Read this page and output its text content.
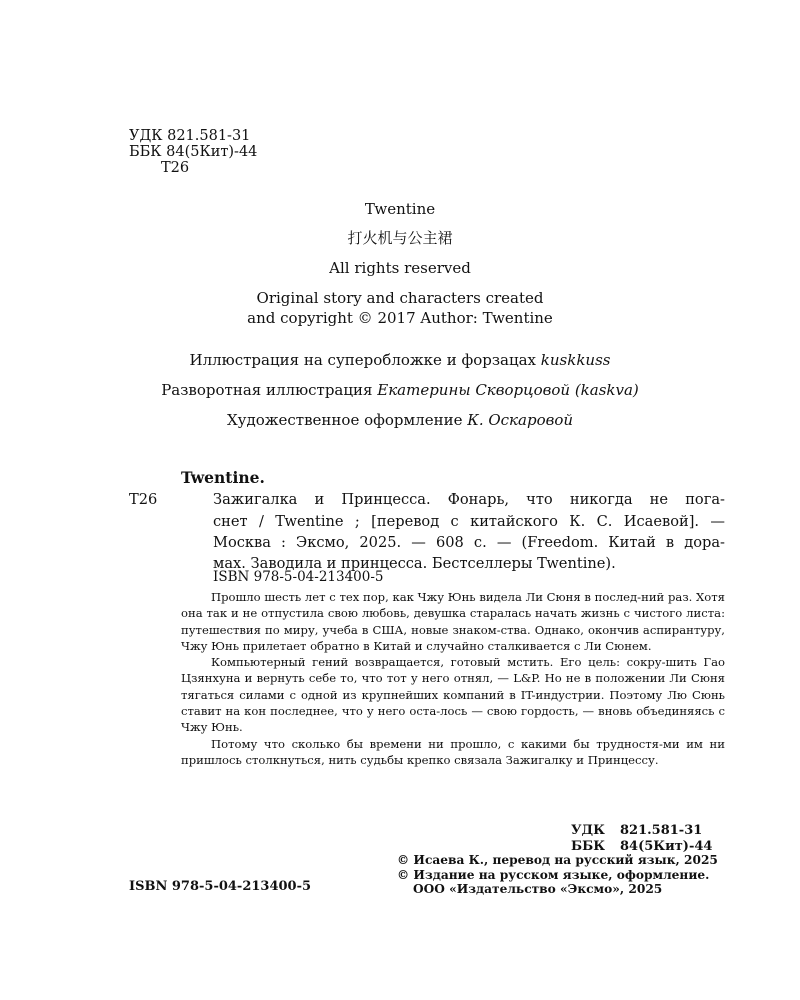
УДК 821.581-31
ББК 84(5Кит)-44
Т26
Twentine
打火机与公主裙
All rights reserved
Original story and characters created
and copyright © 2017 Author: Twentine
Иллюстрация на суперобложке и форзацах kuskkuss
Разворотная иллюстрация Екатерины Скворцовой (kaskva)
Художественное оформление К. Оскаровой
Twentine.
Т26	Зажигалка и Принцесса. Фонарь, что никогда не пога-
снет / Twentine ; [перевод с китайского К. С. Исаевой]. —
Москва : Эксмо, 2025. — 608 с. — (Freedom. Китай в дора-
мах. Заводила и принцесса. Бестселлеры Twentine).
ISBN 978-5-04-213400-5

Прошло шесть лет с тех пор, как Чжу Юнь видела Ли Сюня в послед-ний раз. Хотя она так и не отпустила свою любовь, девушка старалась начать жизнь с чистого листа: путешествия по миру, учеба в США, новые знаком-ства. Однако, окончив аспирантуру, Чжу Юнь прилетает обратно в Китай и случайно сталкивается с Ли Сюнем.

Компьютерный гений возвращается, готовый мстить. Его цель: сокру-шить Гао Цзянхуна и вернуть себе то, что тот у него отнял, — L&P. Но не в положении Ли Сюня тягаться силами с одной из крупнейших компаний в IT-индустрии. Поэтому Лю Сюнь ставит на кон последнее, что у него оста-лось — свою гордость, — вновь объединяясь с Чжу Юнь.

Потому что сколько бы времени ни прошло, с какими бы трудностя-ми им ни пришлось столкнуться, нить судьбы крепко связала Зажигалку и Принцессу.

УДК 821.581-31
ББК 84(5Кит)-44
© Исаева К., перевод на русский язык, 2025
© Издание на русском языке, оформление.
ООО «Издательство «Эксмо», 2025
ISBN 978-5-04-213400-5
